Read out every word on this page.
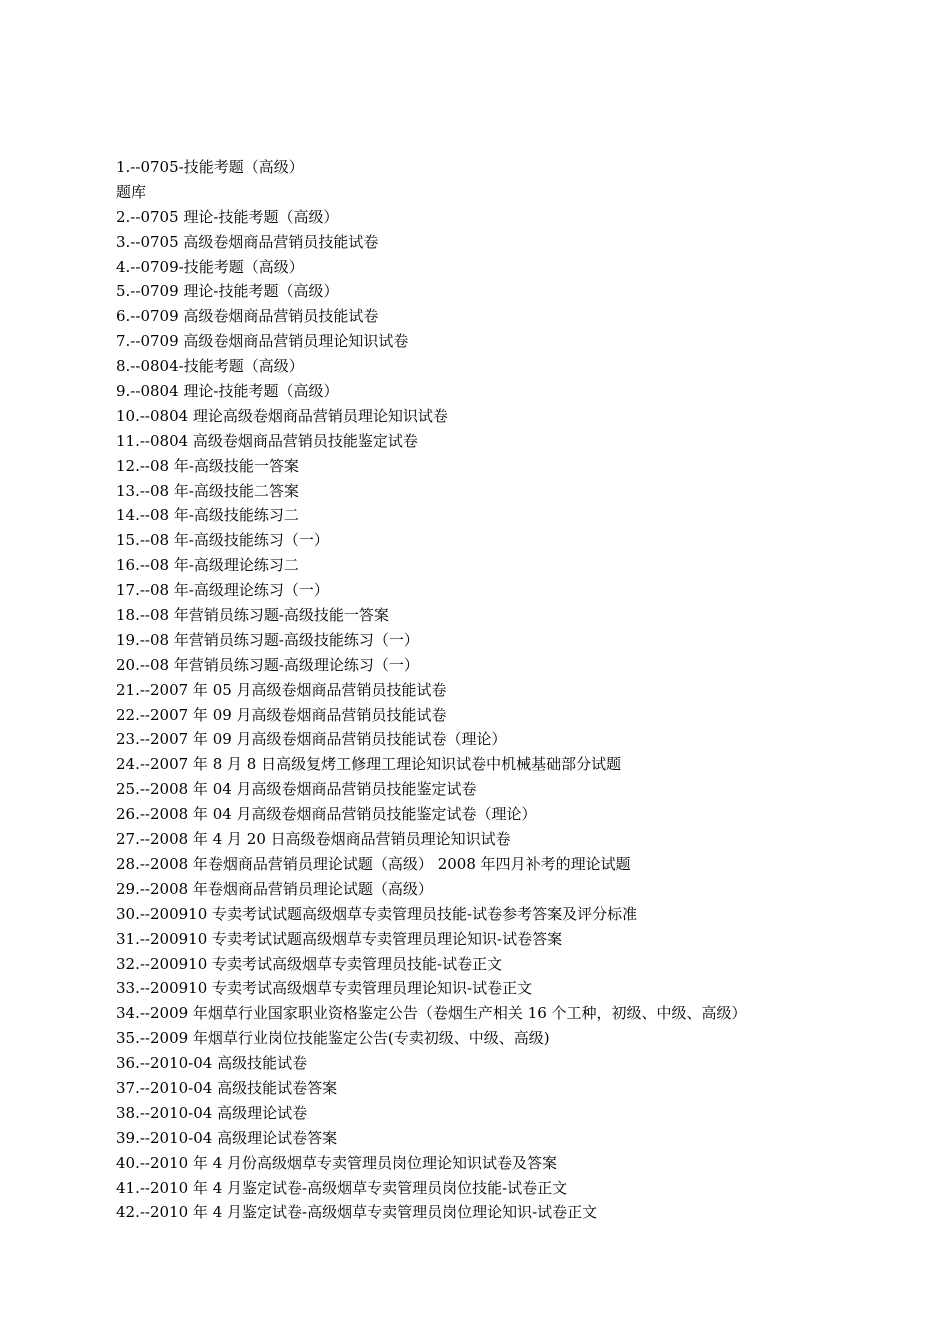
1.--0705-技能考题（高级）
题库
2.--0705 理论-技能考题（高级）
3.--0705 高级卷烟商品营销员技能试卷
4.--0709-技能考题（高级）
5.--0709 理论-技能考题（高级）
6.--0709 高级卷烟商品营销员技能试卷
7.--0709 高级卷烟商品营销员理论知识试卷
8.--0804-技能考题（高级）
9.--0804 理论-技能考题（高级）
10.--0804 理论高级卷烟商品营销员理论知识试卷
11.--0804 高级卷烟商品营销员技能鉴定试卷
12.--08 年-高级技能一答案
13.--08 年-高级技能二答案
14.--08 年-高级技能练习二
15.--08 年-高级技能练习（一）
16.--08 年-高级理论练习二
17.--08 年-高级理论练习（一）
18.--08 年营销员练习题-高级技能一答案
19.--08 年营销员练习题-高级技能练习（一）
20.--08 年营销员练习题-高级理论练习（一）
21.--2007 年 05 月高级卷烟商品营销员技能试卷
22.--2007 年 09 月高级卷烟商品营销员技能试卷
23.--2007 年 09 月高级卷烟商品营销员技能试卷（理论）
24.--2007 年 8 月 8 日高级复烤工修理工理论知识试卷中机械基础部分试题
25.--2008 年 04 月高级卷烟商品营销员技能鉴定试卷
26.--2008 年 04 月高级卷烟商品营销员技能鉴定试卷（理论）
27.--2008 年 4 月 20 日高级卷烟商品营销员理论知识试卷
28.--2008 年卷烟商品营销员理论试题（高级） 2008 年四月补考的理论试题
29.--2008 年卷烟商品营销员理论试题（高级）
30.--200910 专卖考试试题高级烟草专卖管理员技能-试卷参考答案及评分标准
31.--200910 专卖考试试题高级烟草专卖管理员理论知识-试卷答案
32.--200910 专卖考试高级烟草专卖管理员技能-试卷正文
33.--200910 专卖考试高级烟草专卖管理员理论知识-试卷正文
34.--2009 年烟草行业国家职业资格鉴定公告（卷烟生产相关 16 个工种，初级、中级、高级）
35.--2009 年烟草行业岗位技能鉴定公告(专卖初级、中级、高级)
36.--2010-04 高级技能试卷
37.--2010-04 高级技能试卷答案
38.--2010-04 高级理论试卷
39.--2010-04 高级理论试卷答案
40.--2010 年 4 月份高级烟草专卖管理员岗位理论知识试卷及答案
41.--2010 年 4 月鉴定试卷-高级烟草专卖管理员岗位技能-试卷正文
42.--2010 年 4 月鉴定试卷-高级烟草专卖管理员岗位理论知识-试卷正文
